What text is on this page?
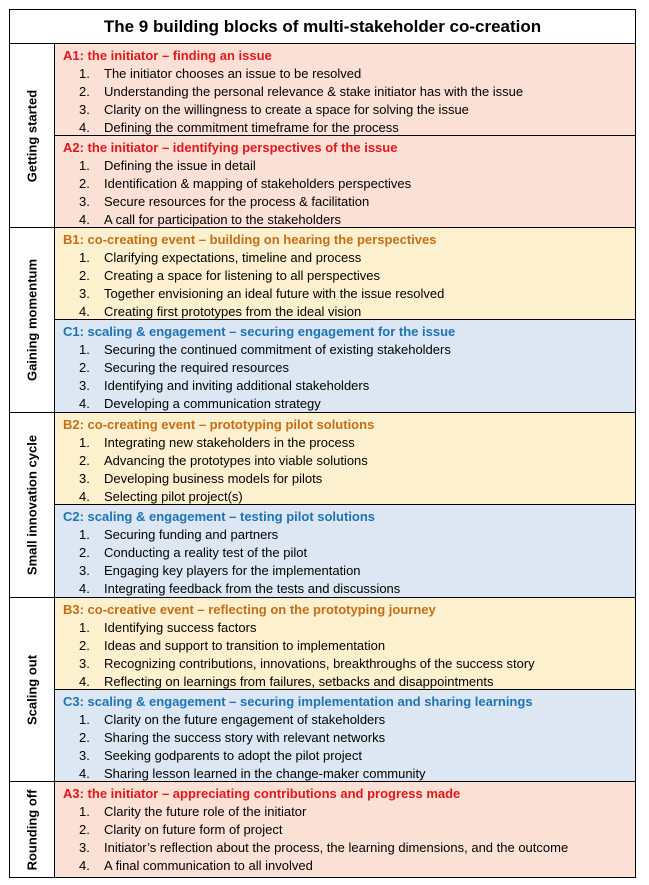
The 9 building blocks of multi-stakeholder co-creation
Getting started
Gaining momentum
Small innovation cycle
Scaling out
Rounding off
A1: the initiator – finding an issue
1. The initiator chooses an issue to be resolved
2. Understanding the personal relevance & stake initiator has with the issue
3. Clarity on the willingness to create a space for solving the issue
4. Defining the commitment timeframe for the process
A2: the initiator – identifying perspectives of the issue
1. Defining the issue in detail
2. Identification & mapping of stakeholders perspectives
3. Secure resources for the process & facilitation
4. A call for participation to the stakeholders
B1: co-creating event – building on hearing the perspectives
1. Clarifying expectations, timeline and process
2. Creating a space for listening to all perspectives
3. Together envisioning an ideal future with the issue resolved
4. Creating first prototypes from the ideal vision
C1: scaling & engagement – securing engagement for the issue
1. Securing the continued commitment of existing stakeholders
2. Securing the required resources
3. Identifying and inviting additional stakeholders
4. Developing a communication strategy
B2: co-creating event – prototyping pilot solutions
1. Integrating new stakeholders in the process
2. Advancing the prototypes into viable solutions
3. Developing business models for pilots
4. Selecting pilot project(s)
C2: scaling & engagement – testing pilot solutions
1. Securing funding and partners
2. Conducting a reality test of the pilot
3. Engaging key players for the implementation
4. Integrating feedback from the tests and discussions
B3: co-creative event – reflecting on the prototyping journey
1. Identifying success factors
2. Ideas and support to transition to implementation
3. Recognizing contributions, innovations, breakthroughs of the success story
4. Reflecting on learnings from failures, setbacks and disappointments
C3: scaling & engagement – securing implementation and sharing learnings
1. Clarity on the future engagement of stakeholders
2. Sharing the success story with relevant networks
3. Seeking godparents to adopt the pilot project
4. Sharing lesson learned in the change-maker community
A3: the initiator – appreciating contributions and progress made
1. Clarity the future role of the initiator
2. Clarity on future form of project
3. Initiator’s reflection about the process, the learning dimensions, and the outcome
4. A final communication to all involved
